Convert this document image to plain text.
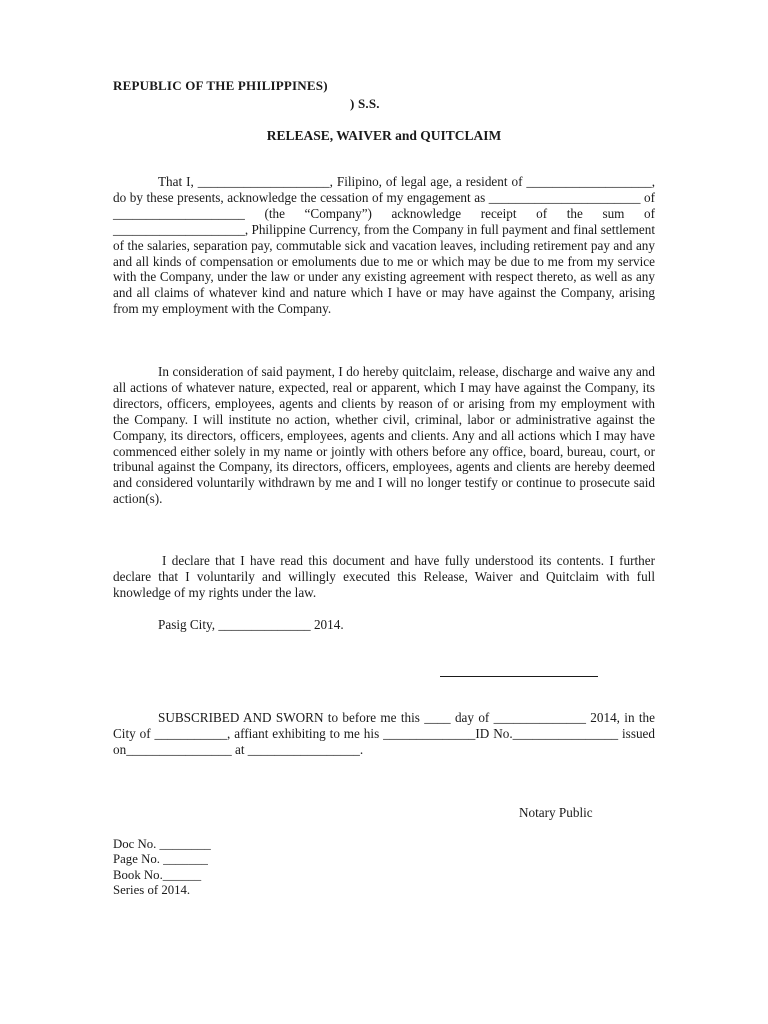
REPUBLIC OF THE PHILIPPINES)
) S.S.
RELEASE, WAIVER and QUITCLAIM

That I, ____________________, Filipino, of legal age, a resident of ___________________, do by these presents, acknowledge the cessation of my engagement as _______________________ of ____________________ (the “Company”) acknowledge receipt of the sum of ____________________, Philippine Currency, from the Company in full payment and final settlement of the salaries, separation pay, commutable sick and vacation leaves, including retirement pay and any and all kinds of compensation or emoluments due to me or which may be due to me from my service with the Company, under the law or under any existing agreement with respect thereto, as well as any and all claims of whatever kind and nature which I have or may have against the Company, arising from my employment with the Company.

In consideration of said payment, I do hereby quitclaim, release, discharge and waive any and all actions of whatever nature, expected, real or apparent, which I may have against the Company, its directors, officers, employees, agents and clients by reason of or arising from my employment with the Company. I will institute no action, whether civil, criminal, labor or administrative against the Company, its directors, officers, employees, agents and clients. Any and all actions which I may have commenced either solely in my name or jointly with others before any office, board, bureau, court, or tribunal against the Company, its directors, officers, employees, agents and clients are hereby deemed and considered voluntarily withdrawn by me and I will no longer testify or continue to prosecute said action(s).

I declare that I have read this document and have fully understood its contents. I further declare that I voluntarily and willingly executed this Release, Waiver and Quitclaim with full knowledge of my rights under the law.

Pasig City, ______________ 2014.

SUBSCRIBED AND SWORN to before me this ____ day of ______________ 2014, in the City of ___________, affiant exhibiting to me his ______________ID No.________________ issued on________________ at _________________.

Notary Public
Doc No. ________
Page No. _______
Book No.______
Series of 2014.
